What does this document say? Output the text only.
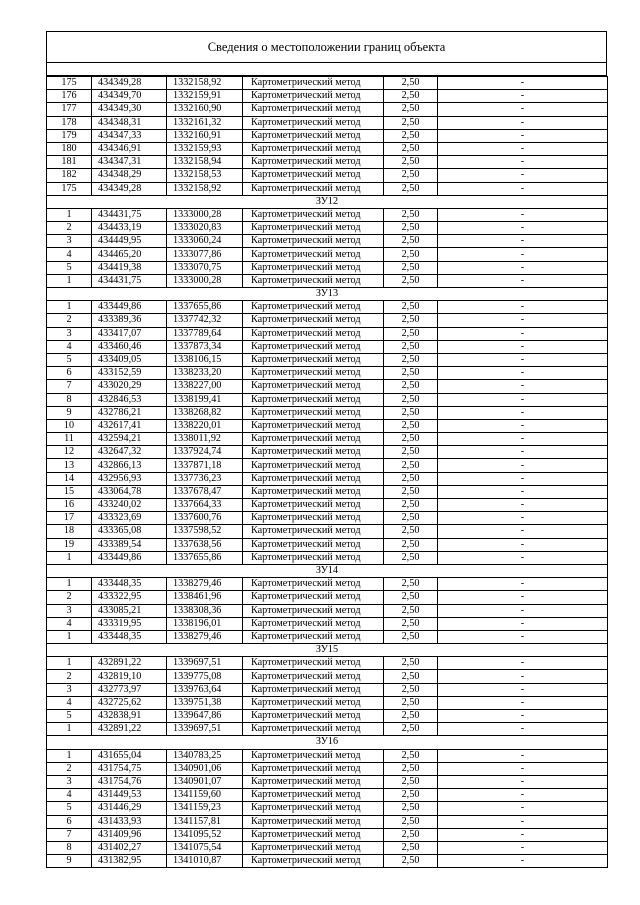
Сведения о местоположении границ объекта
175	434349,28	1332158,92	Картометрический метод	2,50	-
176	434349,70	1332159,91	Картометрический метод	2,50	-
177	434349,30	1332160,90	Картометрический метод	2,50	-
178	434348,31	1332161,32	Картометрический метод	2,50	-
179	434347,33	1332160,91	Картометрический метод	2,50	-
180	434346,91	1332159,93	Картометрический метод	2,50	-
181	434347,31	1332158,94	Картометрический метод	2,50	-
182	434348,29	1332158,53	Картометрический метод	2,50	-
175	434349,28	1332158,92	Картометрический метод	2,50	-
ЗУ12					
1	434431,75	1333000,28	Картометрический метод	2,50	-
2	434433,19	1333020,83	Картометрический метод	2,50	-
3	434449,95	1333060,24	Картометрический метод	2,50	-
4	434465,20	1333077,86	Картометрический метод	2,50	-
5	434419,38	1333070,75	Картометрический метод	2,50	-
1	434431,75	1333000,28	Картометрический метод	2,50	-
ЗУ13					
1	433449,86	1337655,86	Картометрический метод	2,50	-
2	433389,36	1337742,32	Картометрический метод	2,50	-
3	433417,07	1337789,64	Картометрический метод	2,50	-
4	433460,46	1337873,34	Картометрический метод	2,50	-
5	433409,05	1338106,15	Картометрический метод	2,50	-
6	433152,59	1338233,20	Картометрический метод	2,50	-
7	433020,29	1338227,00	Картометрический метод	2,50	-
8	432846,53	1338199,41	Картометрический метод	2,50	-
9	432786,21	1338268,82	Картометрический метод	2,50	-
10	432617,41	1338220,01	Картометрический метод	2,50	-
11	432594,21	1338011,92	Картометрический метод	2,50	-
12	432647,32	1337924,74	Картометрический метод	2,50	-
13	432866,13	1337871,18	Картометрический метод	2,50	-
14	432956,93	1337736,23	Картометрический метод	2,50	-
15	433064,78	1337678,47	Картометрический метод	2,50	-
16	433240,02	1337664,33	Картометрический метод	2,50	-
17	433323,69	1337600,76	Картометрический метод	2,50	-
18	433365,08	1337598,52	Картометрический метод	2,50	-
19	433389,54	1337638,56	Картометрический метод	2,50	-
1	433449,86	1337655,86	Картометрический метод	2,50	-
ЗУ14					
1	433448,35	1338279,46	Картометрический метод	2,50	-
2	433322,95	1338461,96	Картометрический метод	2,50	-
3	433085,21	1338308,36	Картометрический метод	2,50	-
4	433319,95	1338196,01	Картометрический метод	2,50	-
1	433448,35	1338279,46	Картометрический метод	2,50	-
ЗУ15					
1	432891,22	1339697,51	Картометрический метод	2,50	-
2	432819,10	1339775,08	Картометрический метод	2,50	-
3	432773,97	1339763,64	Картометрический метод	2,50	-
4	432725,62	1339751,38	Картометрический метод	2,50	-
5	432838,91	1339647,86	Картометрический метод	2,50	-
1	432891,22	1339697,51	Картометрический метод	2,50	-
ЗУ16					
1	431655,04	1340783,25	Картометрический метод	2,50	-
2	431754,75	1340901,06	Картометрический метод	2,50	-
3	431754,76	1340901,07	Картометрический метод	2,50	-
4	431449,53	1341159,60	Картометрический метод	2,50	-
5	431446,29	1341159,23	Картометрический метод	2,50	-
6	431433,93	1341157,81	Картометрический метод	2,50	-
7	431409,96	1341095,52	Картометрический метод	2,50	-
8	431402,27	1341075,54	Картометрический метод	2,50	-
9	431382,95	1341010,87	Картометрический метод	2,50	-
